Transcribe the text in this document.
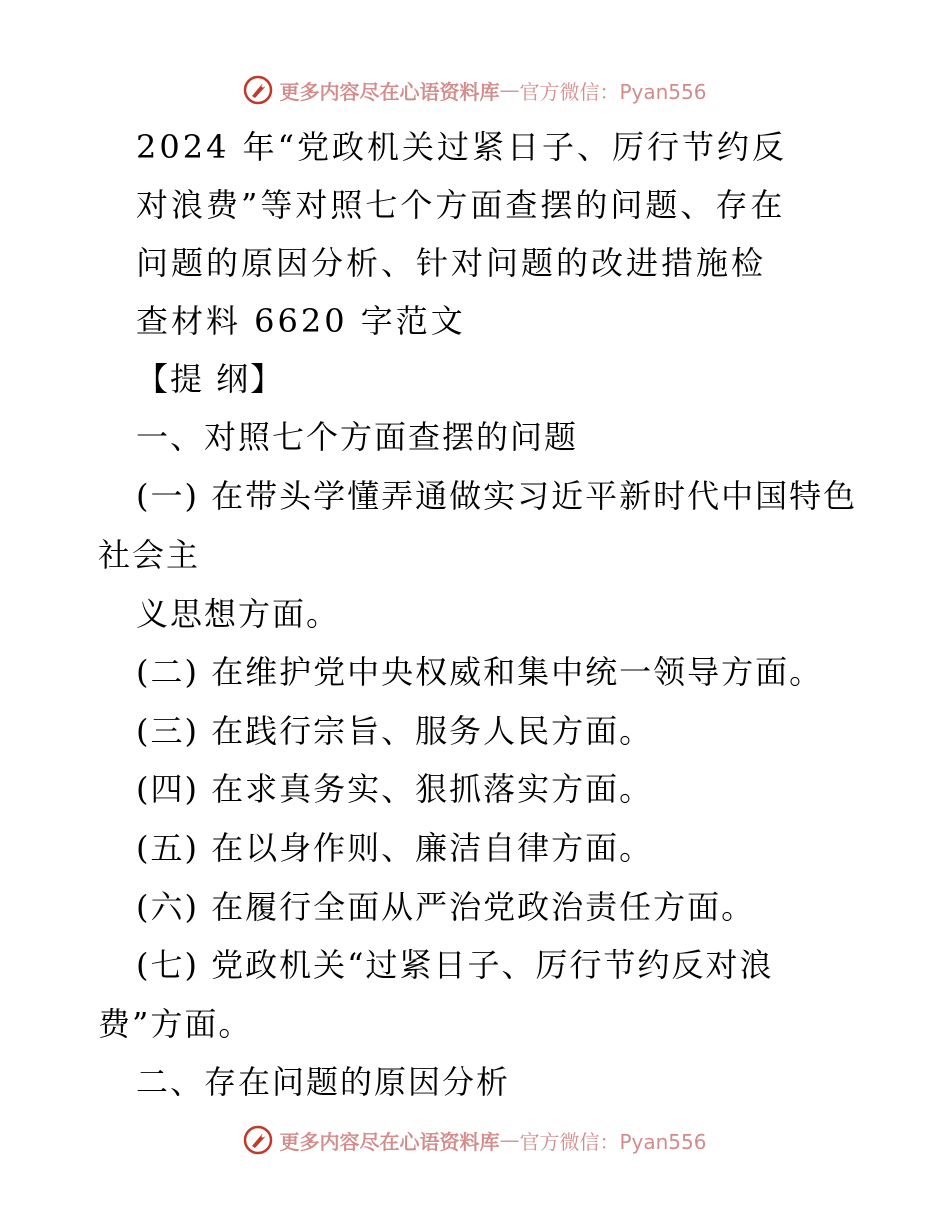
更多内容尽在心语资料库 — 官方微信：Pyan556
2024 年“党政机关过紧日子、厉行节约反
对浪费”等对照七个方面查摆的问题、存在
问题的原因分析、针对问题的改进措施检
查材料 6620 字范文
【提 纲】
一、对照七个方面查摆的问题
(一) 在带头学懂弄通做实习近平新时代中国特色
社会主
义思想方面。
(二) 在维护党中央权威和集中统一领导方面。
(三) 在践行宗旨、服务人民方面。
(四) 在求真务实、狠抓落实方面。
(五) 在以身作则、廉洁自律方面。
(六) 在履行全面从严治党政治责任方面。
(七) 党政机关“过紧日子、厉行节约反对浪
费”方面。
二、存在问题的原因分析
更多内容尽在心语资料库 — 官方微信：Pyan556
